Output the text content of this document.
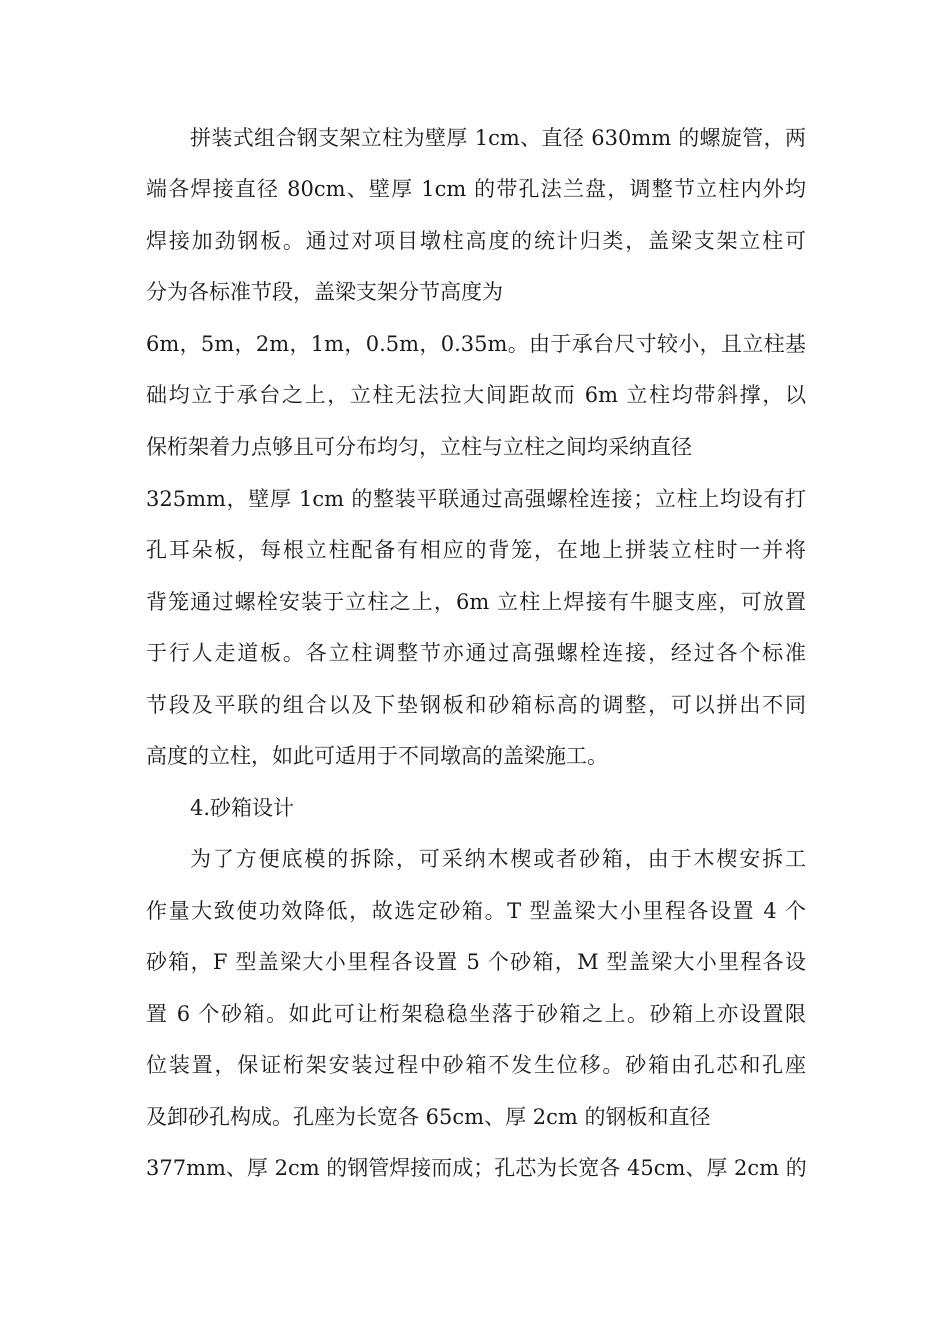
拼装式组合钢支架立柱为壁厚 1cm、直径 630mm 的螺旋管，两
端各焊接直径 80cm、壁厚 1cm 的带孔法兰盘，调整节立柱内外均
焊接加劲钢板。通过对项目墩柱高度的统计归类，盖梁支架立柱可
分为各标准节段，盖梁支架分节高度为
6m，5m，2m，1m，0.5m，0.35m。由于承台尺寸较小，且立柱基
础均立于承台之上，立柱无法拉大间距故而 6m 立柱均带斜撑，以
保桁架着力点够且可分布均匀，立柱与立柱之间均采纳直径
325mm，壁厚 1cm 的整装平联通过高强螺栓连接；立柱上均设有打
孔耳朵板，每根立柱配备有相应的背笼，在地上拼装立柱时一并将
背笼通过螺栓安装于立柱之上，6m 立柱上焊接有牛腿支座，可放置
于行人走道板。各立柱调整节亦通过高强螺栓连接，经过各个标准
节段及平联的组合以及下垫钢板和砂箱标高的调整，可以拼出不同
高度的立柱，如此可适用于不同墩高的盖梁施工。
4.砂箱设计
为了方便底模的拆除，可采纳木楔或者砂箱，由于木楔安拆工
作量大致使功效降低，故选定砂箱。T 型盖梁大小里程各设置 4 个
砂箱，F 型盖梁大小里程各设置 5 个砂箱，M 型盖梁大小里程各设
置 6 个砂箱。如此可让桁架稳稳坐落于砂箱之上。砂箱上亦设置限
位装置，保证桁架安装过程中砂箱不发生位移。砂箱由孔芯和孔座
及卸砂孔构成。孔座为长宽各 65cm、厚 2cm 的钢板和直径
377mm、厚 2cm 的钢管焊接而成；孔芯为长宽各 45cm、厚 2cm 的
